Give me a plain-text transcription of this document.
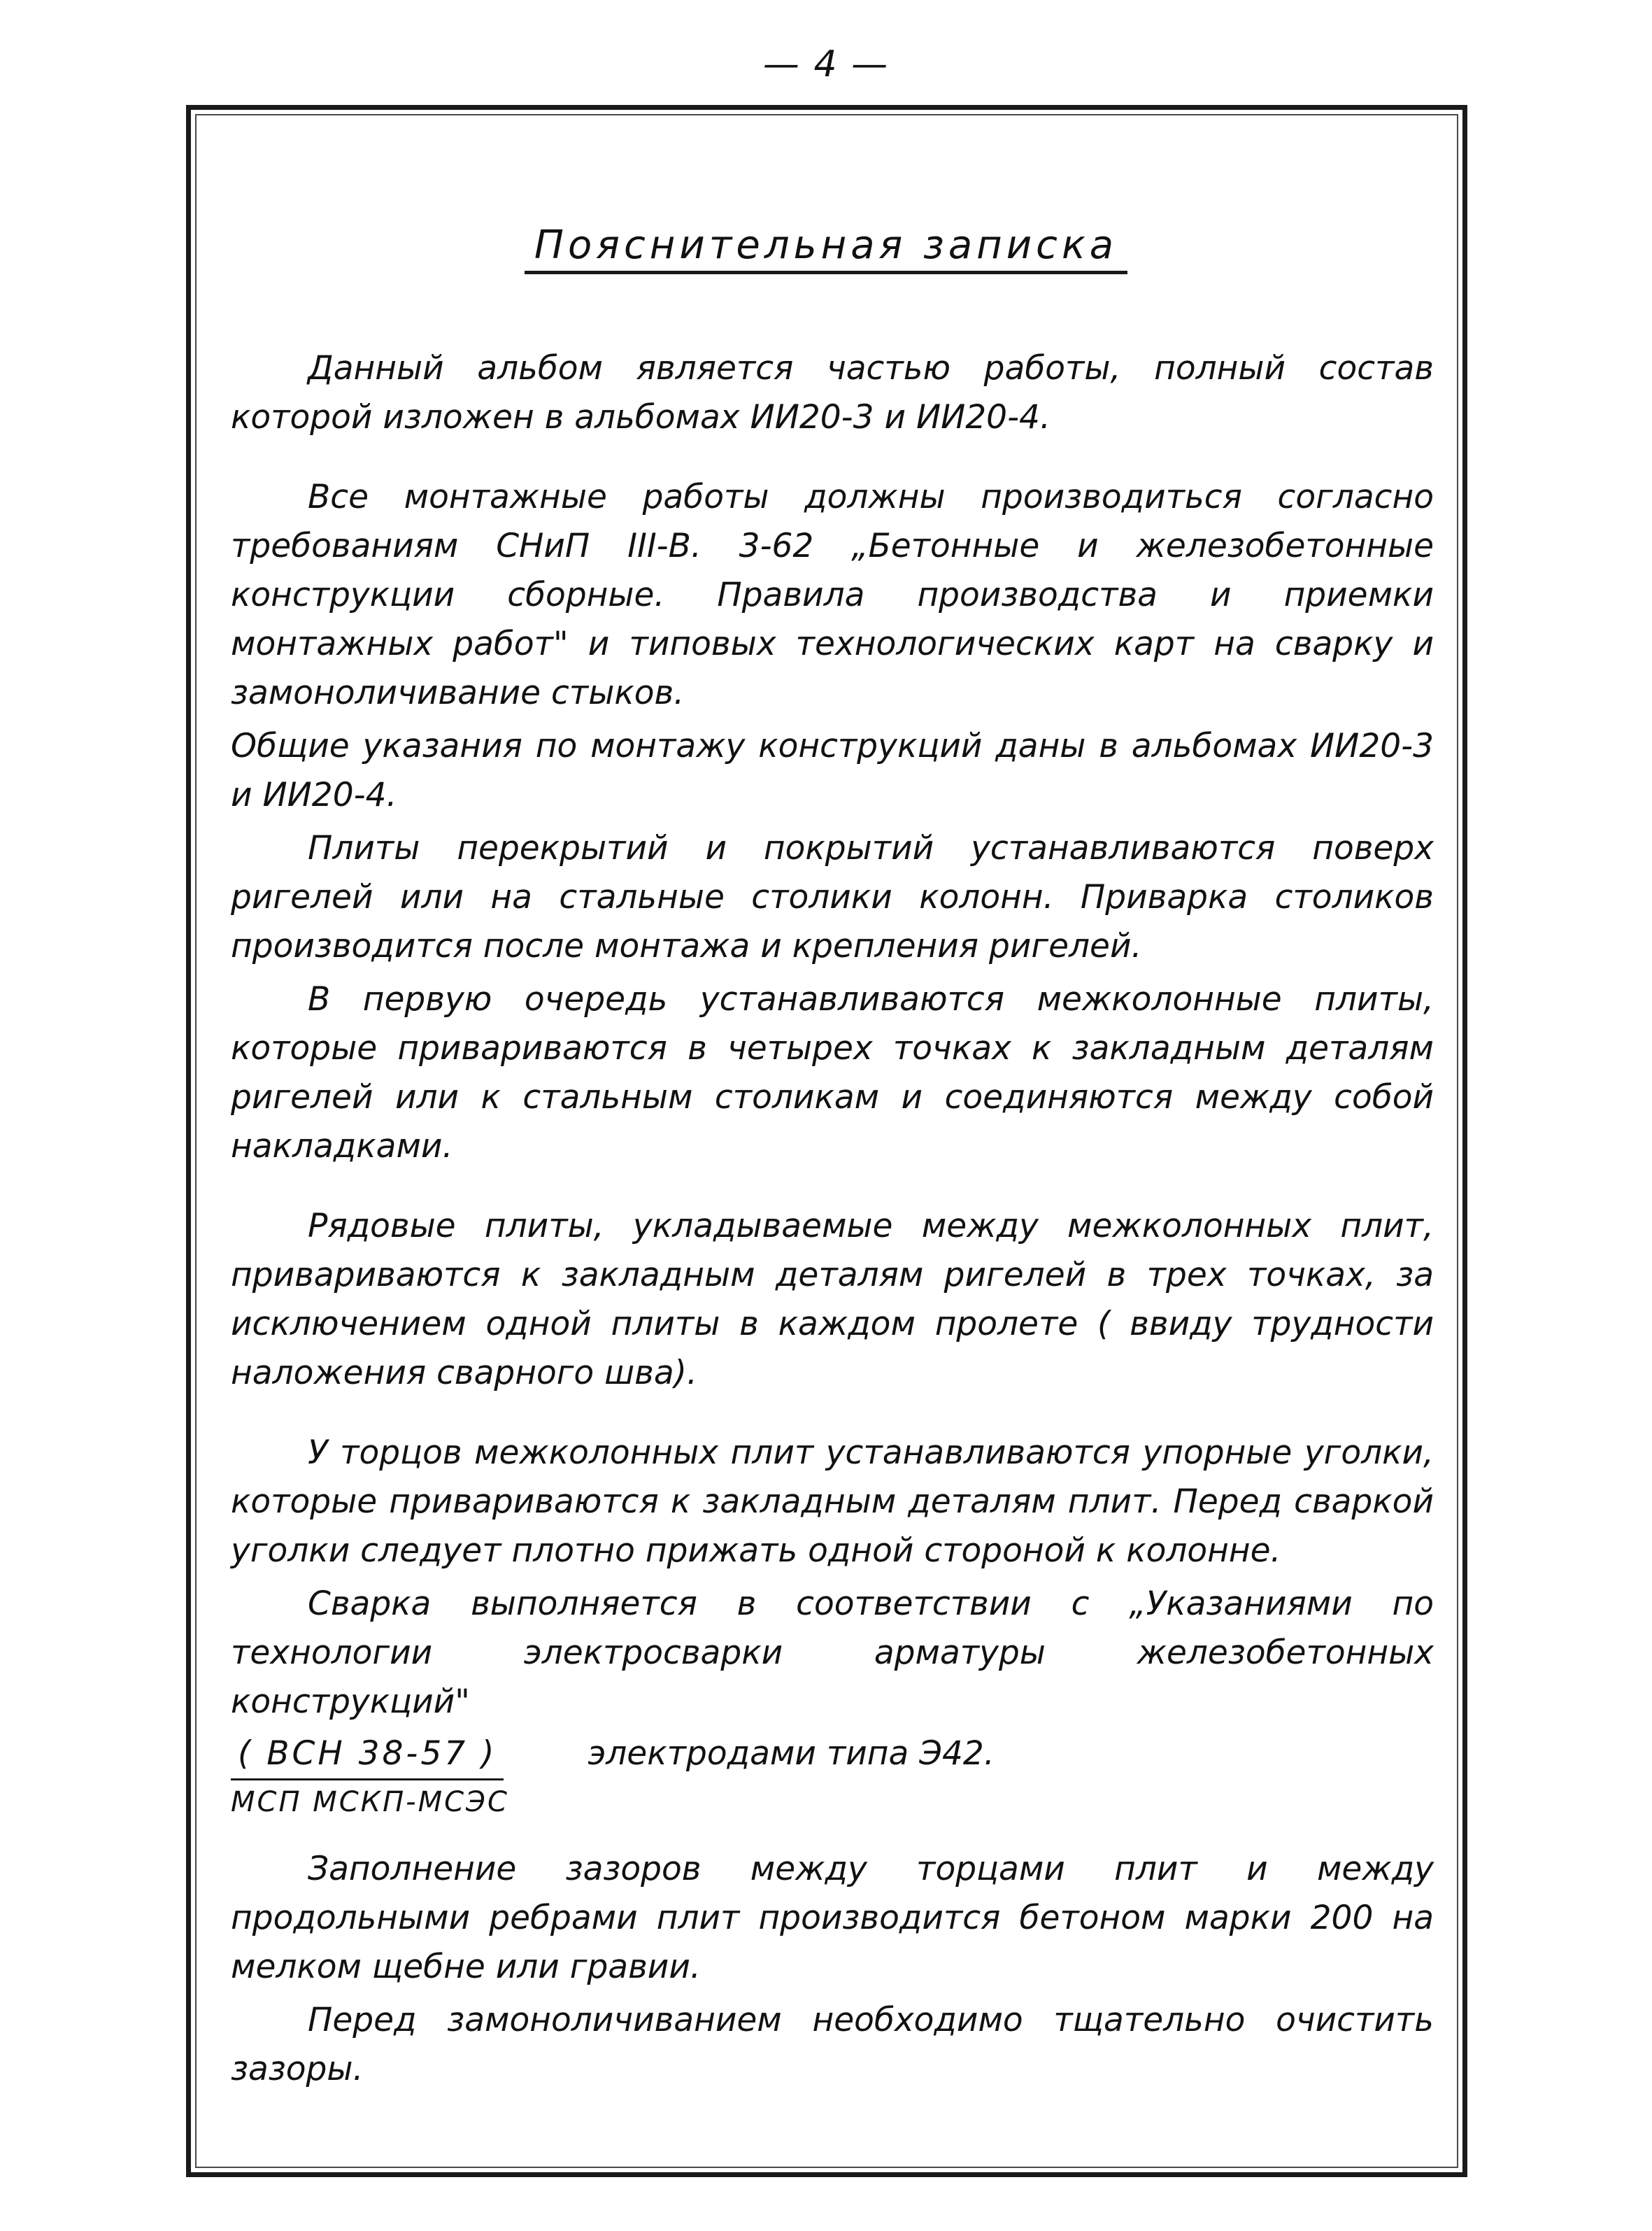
— 4 —
Пояснительная записка

Данный альбом является частью работы, полный состав которой изложен в альбомах ИИ20-3 и ИИ20-4.

Все монтажные работы должны производиться согласно требованиям СНиП III-В. 3-62 „Бетонные и железобетонные конструкции сборные. Правила производства и приемки монтажных работ" и типовых технологических карт на сварку и замоноличивание стыков.

Общие указания по монтажу конструкций даны в альбомах ИИ20-3 и ИИ20-4.

Плиты перекрытий и покрытий устанавливаются поверх ригелей или на стальные столики колонн. Приварка столиков производится после монтажа и крепления ригелей.

В первую очередь устанавливаются межколонные плиты, которые привариваются в четырех точках к закладным деталям ригелей или к стальным столикам и соединяются между собой накладками.

Рядовые плиты, укладываемые между межколонных плит, привариваются к закладным деталям ригелей в трех точках, за исключением одной плиты в каждом пролете ( ввиду трудности наложения сварного шва).

У торцов межколонных плит устанавливаются упорные уголки, которые привариваются к закладным деталям плит. Перед сваркой уголки следует плотно прижать одной стороной к колонне.

Сварка выполняется в соответствии с „Указаниями по технологии электросварки арматуры железобетонных конструкций"

( ВСН 38-57 )	электродами типа Э42.
МСП МСКП-МСЭС

Заполнение зазоров между торцами плит и между продольными ребрами плит производится бетоном марки 200 на мелком щебне или гравии.

Перед замоноличиванием необходимо тщательно очистить зазоры.
